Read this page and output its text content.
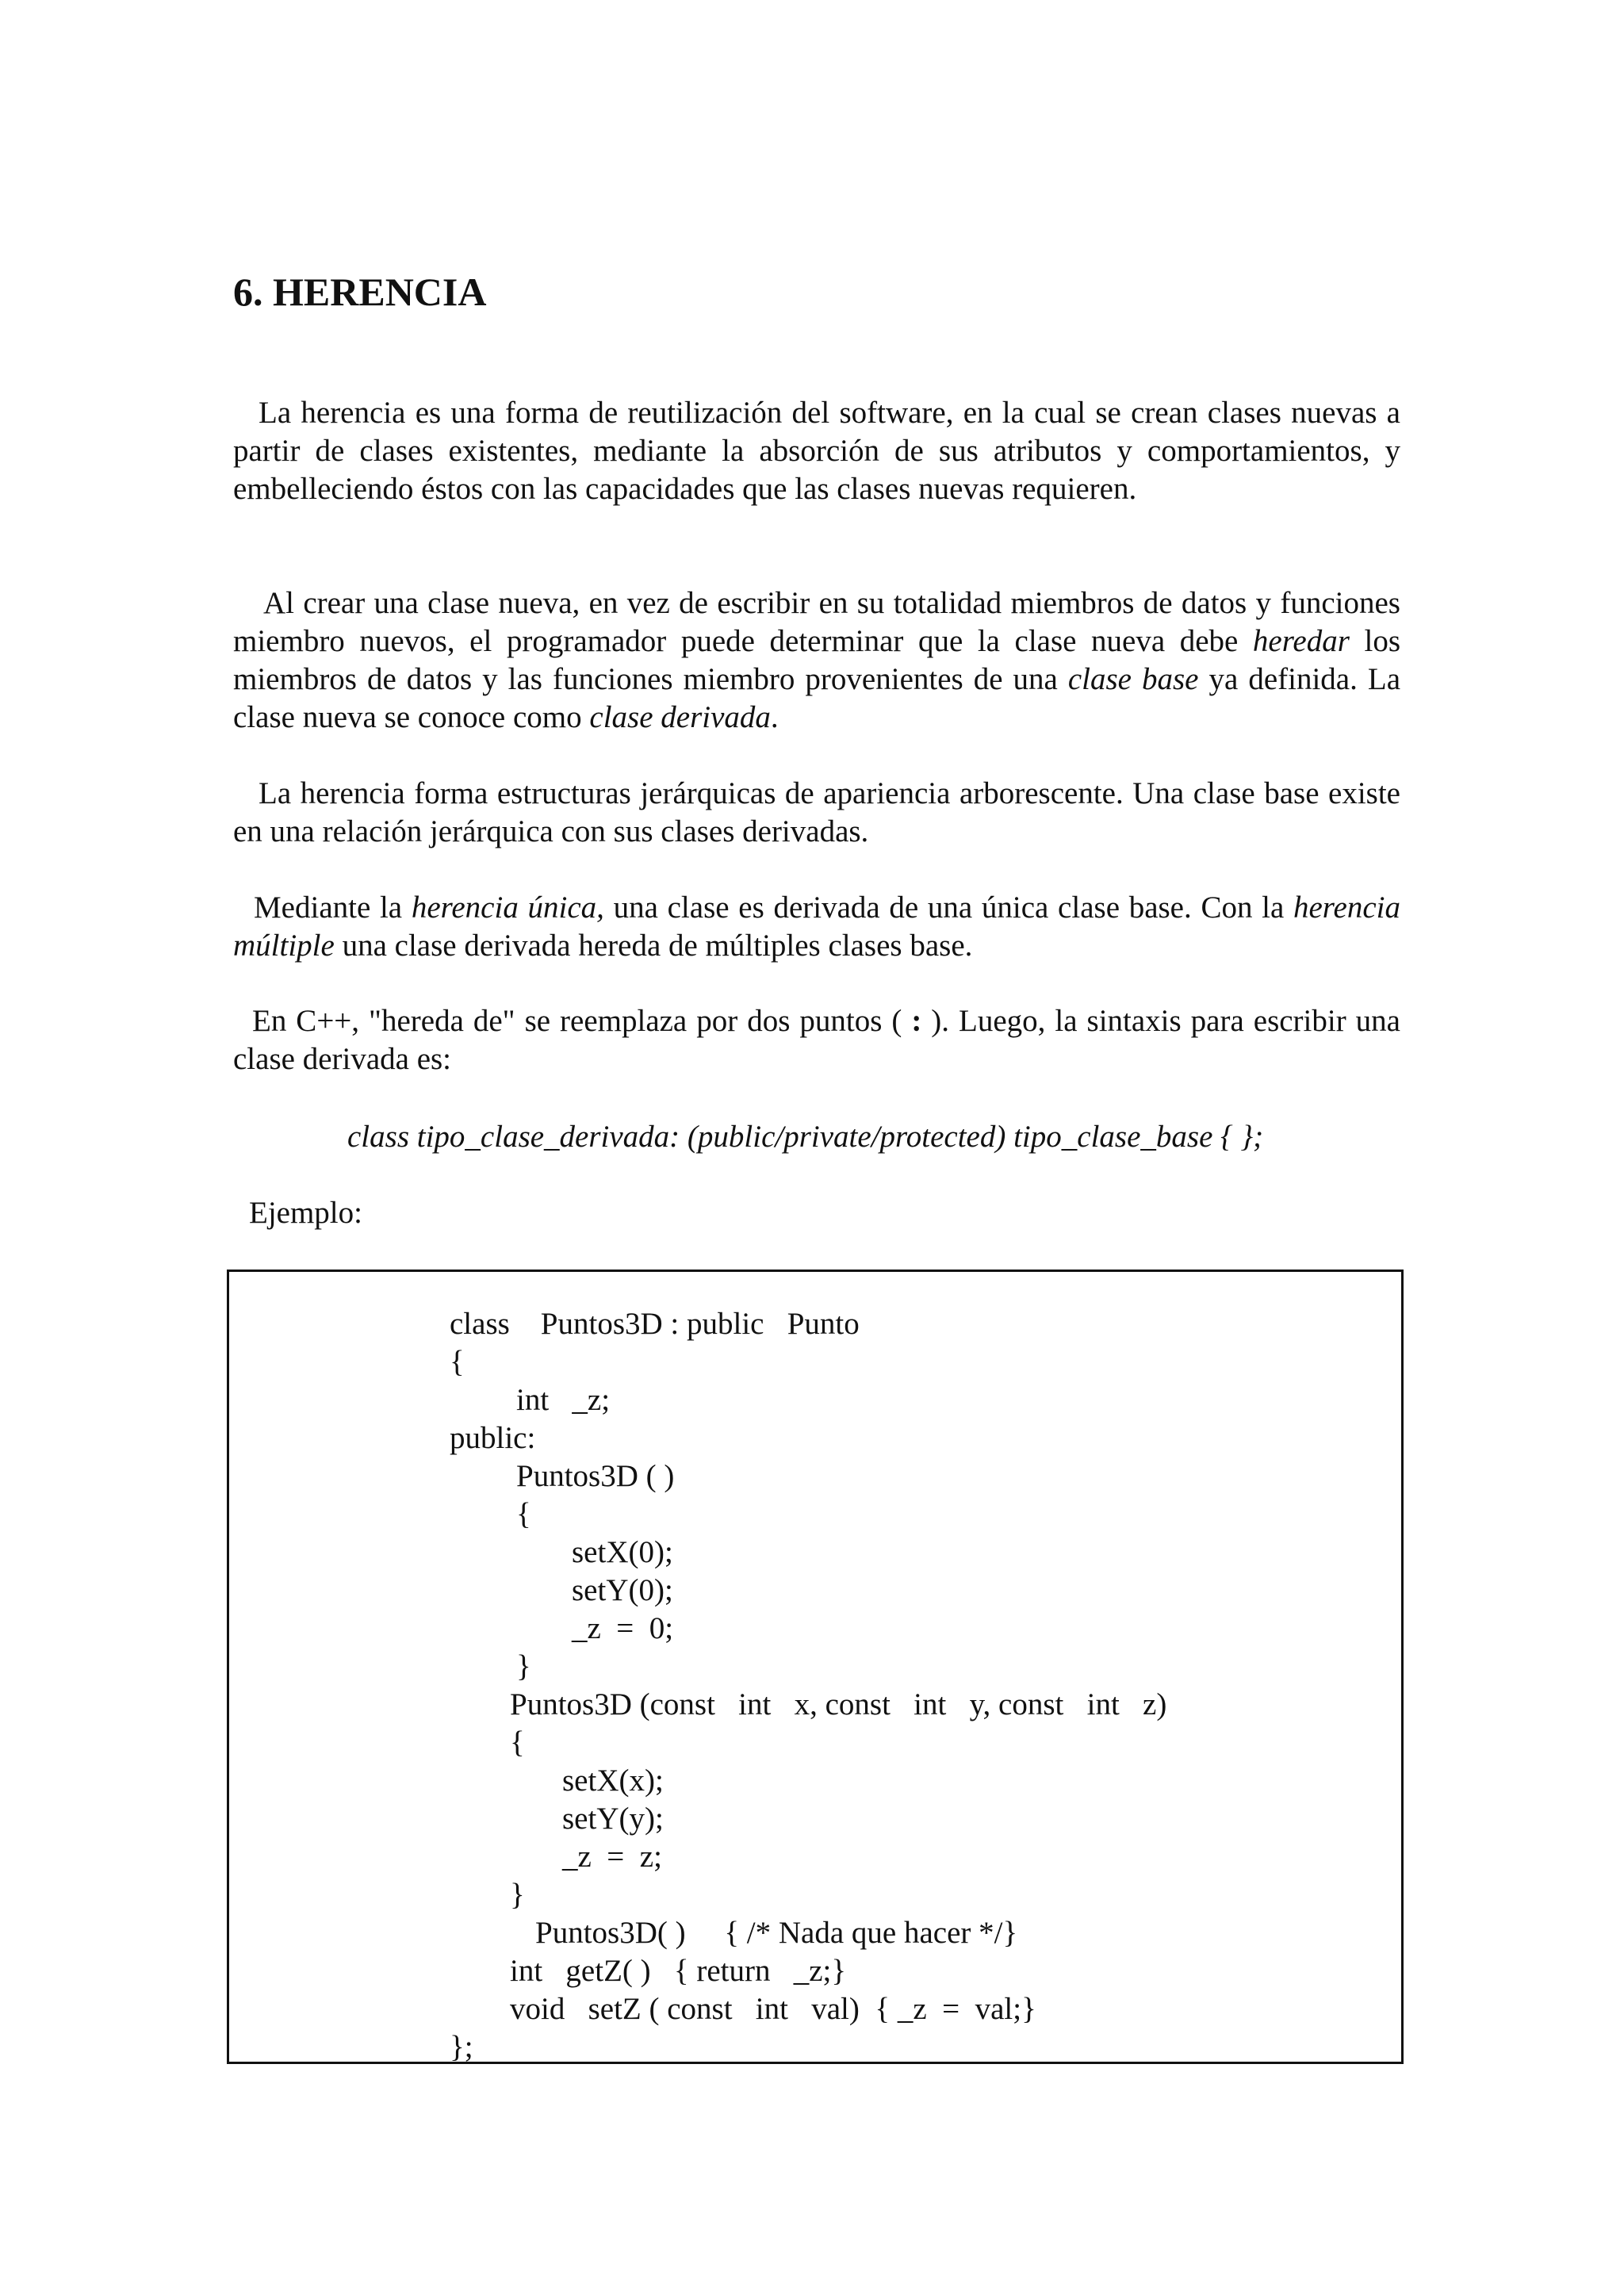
6. HERENCIA

La herencia es una forma de reutilización del software, en la cual se crean clases nuevas a partir de clases existentes, mediante la absorción de sus atributos y comportamientos, y embelleciendo éstos con las capacidades que las clases nuevas requieren.

Al crear una clase nueva, en vez de escribir en su totalidad miembros de datos y funciones miembro nuevos, el programador puede determinar que la clase nueva debe heredar los miembros de datos y las funciones miembro provenientes de una clase base ya definida. La clase nueva se conoce como clase derivada.

La herencia forma estructuras jerárquicas de apariencia arborescente. Una clase base existe en una relación jerárquica con sus clases derivadas.

Mediante la herencia única, una clase es derivada de una única clase base. Con la herencia múltiple una clase derivada hereda de múltiples clases base.

En C++, "hereda de" se reemplaza por dos puntos ( : ). Luego, la sintaxis para escribir una clase derivada es:

class tipo_clase_derivada: (public/private/protected) tipo_clase_base { };

Ejemplo:

class    Puntos3D : public   Punto
{
int   _z;
public:
Puntos3D ( )
{
setX(0);
setY(0);
_z  =  0;
}
Puntos3D (const   int   x, const   int   y, const   int   z)
{
setX(x);
setY(y);
_z  =  z;
}
Puntos3D( )     { /* Nada que hacer */}
int   getZ( )   { return   _z;}
void   setZ ( const   int   val)  { _z  =  val;}
};
